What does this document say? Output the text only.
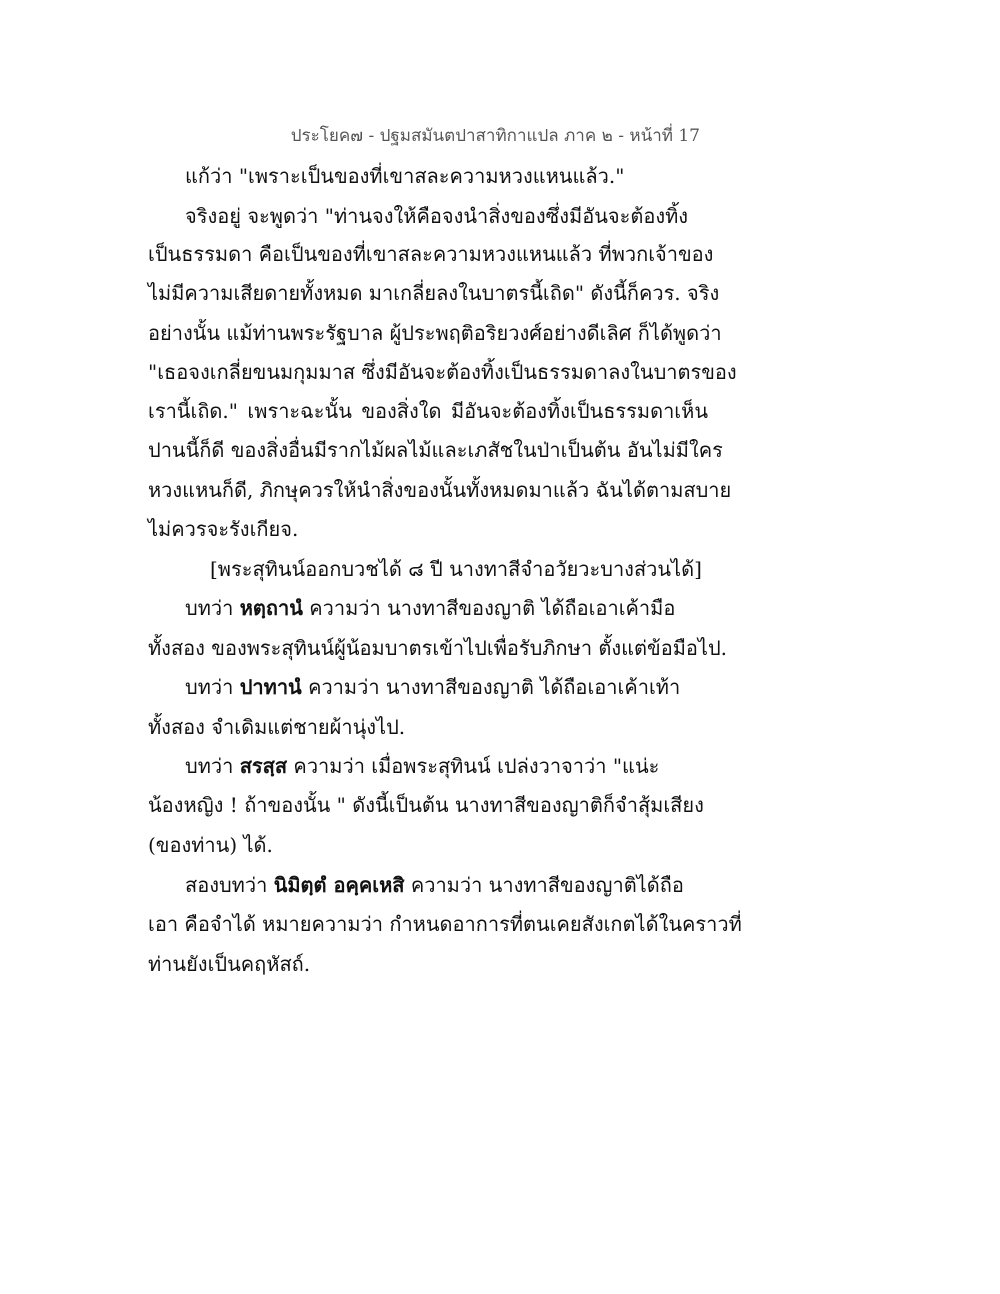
ประโยค๗ - ปฐมสมันตปาสาทิกาแปล ภาค ๒ - หน้าที่ 17
แก้ว่า "เพราะเป็นของที่เขาสละความหวงแหนแล้ว."
จริงอยู่ จะพูดว่า "ท่านจงให้คือจงนำสิ่งของซึ่งมีอันจะต้องทิ้ง
เป็นธรรมดา คือเป็นของที่เขาสละความหวงแหนแล้ว ที่พวกเจ้าของ
ไม่มีความเสียดายทั้งหมด มาเกลี่ยลงในบาตรนี้เถิด" ดังนี้ก็ควร. จริง
อย่างนั้น แม้ท่านพระรัฐบาล ผู้ประพฤติอริยวงศ์อย่างดีเลิศ ก็ได้พูดว่า
"เธอจงเกลี่ยขนมกุมมาส ซึ่งมีอันจะต้องทิ้งเป็นธรรมดาลงในบาตรของ
เรานี้เถิด." เพราะฉะนั้น ของสิ่งใด มีอันจะต้องทิ้งเป็นธรรมดาเห็น
ปานนี้ก็ดี ของสิ่งอื่นมีรากไม้ผลไม้และเภสัชในป่าเป็นต้น อันไม่มีใคร
หวงแหนก็ดี, ภิกษุควรให้นำสิ่งของนั้นทั้งหมดมาแล้ว ฉันได้ตามสบาย
ไม่ควรจะรังเกียจ.
[พระสุทินน์ออกบวชได้ ๘ ปี นางทาสีจำอวัยวะบางส่วนได้]
บทว่า หตฺถานํ ความว่า นางทาสีของญาติ ได้ถือเอาเค้ามือ
ทั้งสอง ของพระสุทินน์ผู้น้อมบาตรเข้าไปเพื่อรับภิกษา ตั้งแต่ข้อมือไป.
บทว่า ปาทานํ ความว่า นางทาสีของญาติ ได้ถือเอาเค้าเท้า
ทั้งสอง จำเดิมแต่ชายผ้านุ่งไป.
บทว่า สรสฺส ความว่า เมื่อพระสุทินน์ เปล่งวาจาว่า "แน่ะ
น้องหญิง ! ถ้าของนั้น " ดังนี้เป็นต้น นางทาสีของญาติก็จำสุ้มเสียง
(ของท่าน) ได้.
สองบทว่า นิมิตฺตํ อคฺคเหสิ ความว่า นางทาสีของญาติได้ถือ
เอา คือจำได้ หมายความว่า กำหนดอาการที่ตนเคยสังเกตได้ในคราวที่
ท่านยังเป็นคฤหัสถ์.
